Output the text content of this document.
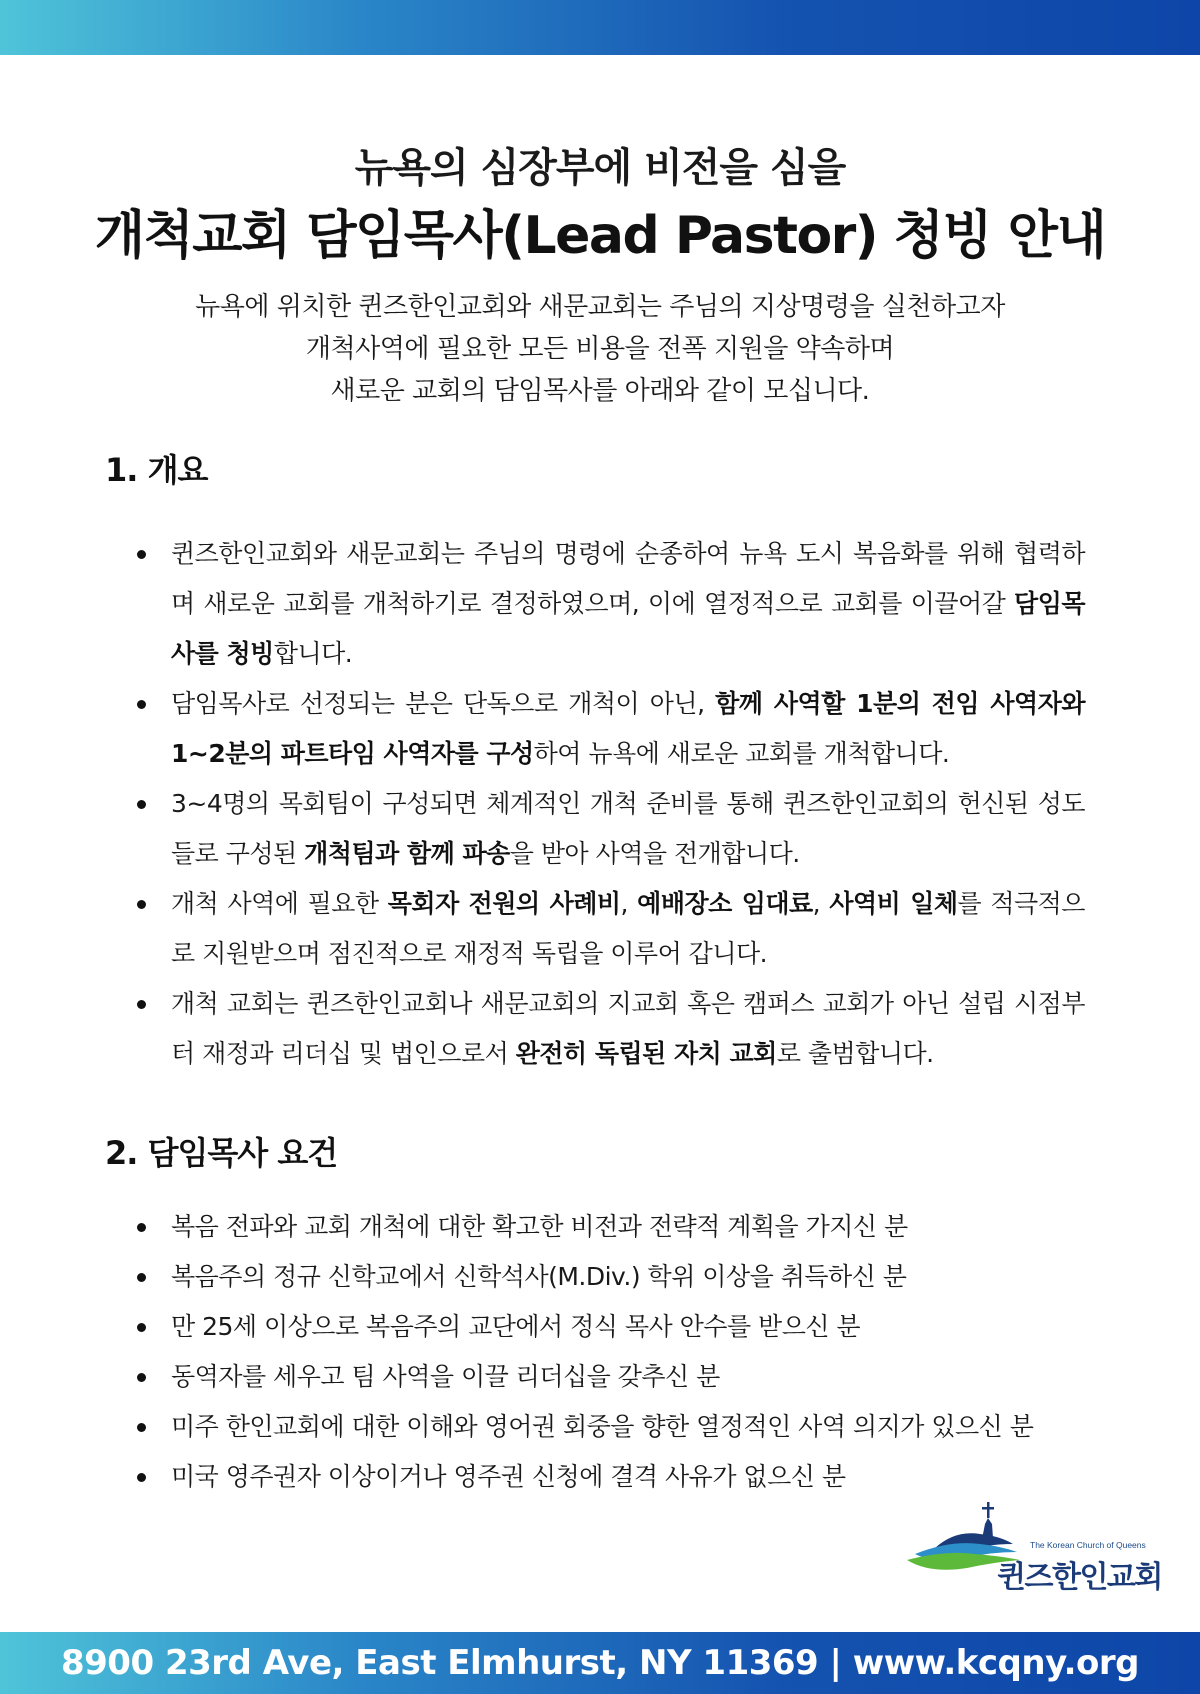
뉴욕의 심장부에 비전을 심을
개척교회 담임목사(Lead Pastor) 청빙 안내
뉴욕에 위치한 퀸즈한인교회와 새문교회는 주님의 지상명령을 실천하고자
개척사역에 필요한 모든 비용을 전폭 지원을 약속하며
새로운 교회의 담임목사를 아래와 같이 모십니다.
1. 개요
퀸즈한인교회와 새문교회는 주님의 명령에 순종하여 뉴욕 도시 복음화를 위해 협력하며 새로운 교회를 개척하기로 결정하였으며, 이에 열정적으로 교회를 이끌어갈 담임목사를 청빙합니다.
담임목사로 선정되는 분은 단독으로 개척이 아닌, 함께 사역할 1분의 전임 사역자와 1~2분의 파트타임 사역자를 구성하여 뉴욕에 새로운 교회를 개척합니다.
3~4명의 목회팀이 구성되면 체계적인 개척 준비를 통해 퀸즈한인교회의 헌신된 성도들로 구성된 개척팀과 함께 파송을 받아 사역을 전개합니다.
개척 사역에 필요한 목회자 전원의 사례비, 예배장소 임대료, 사역비 일체를 적극적으로 지원받으며 점진적으로 재정적 독립을 이루어 갑니다.
개척 교회는 퀸즈한인교회나 새문교회의 지교회 혹은 캠퍼스 교회가 아닌 설립 시점부터 재정과 리더십 및 법인으로서 완전히 독립된 자치 교회로 출범합니다.
2. 담임목사 요건
복음 전파와 교회 개척에 대한 확고한 비전과 전략적 계획을 가지신 분
복음주의 정규 신학교에서 신학석사(M.Div.) 학위 이상을 취득하신 분
만 25세 이상으로 복음주의 교단에서 정식 목사 안수를 받으신 분
동역자를 세우고 팀 사역을 이끌 리더십을 갖추신 분
미주 한인교회에 대한 이해와 영어권 회중을 향한 열정적인 사역 의지가 있으신 분
미국 영주권자 이상이거나 영주권 신청에 결격 사유가 없으신 분
The Korean Church of Queens
퀸즈한인교회
8900 23rd Ave, East Elmhurst, NY 11369 | www.kcqny.org
